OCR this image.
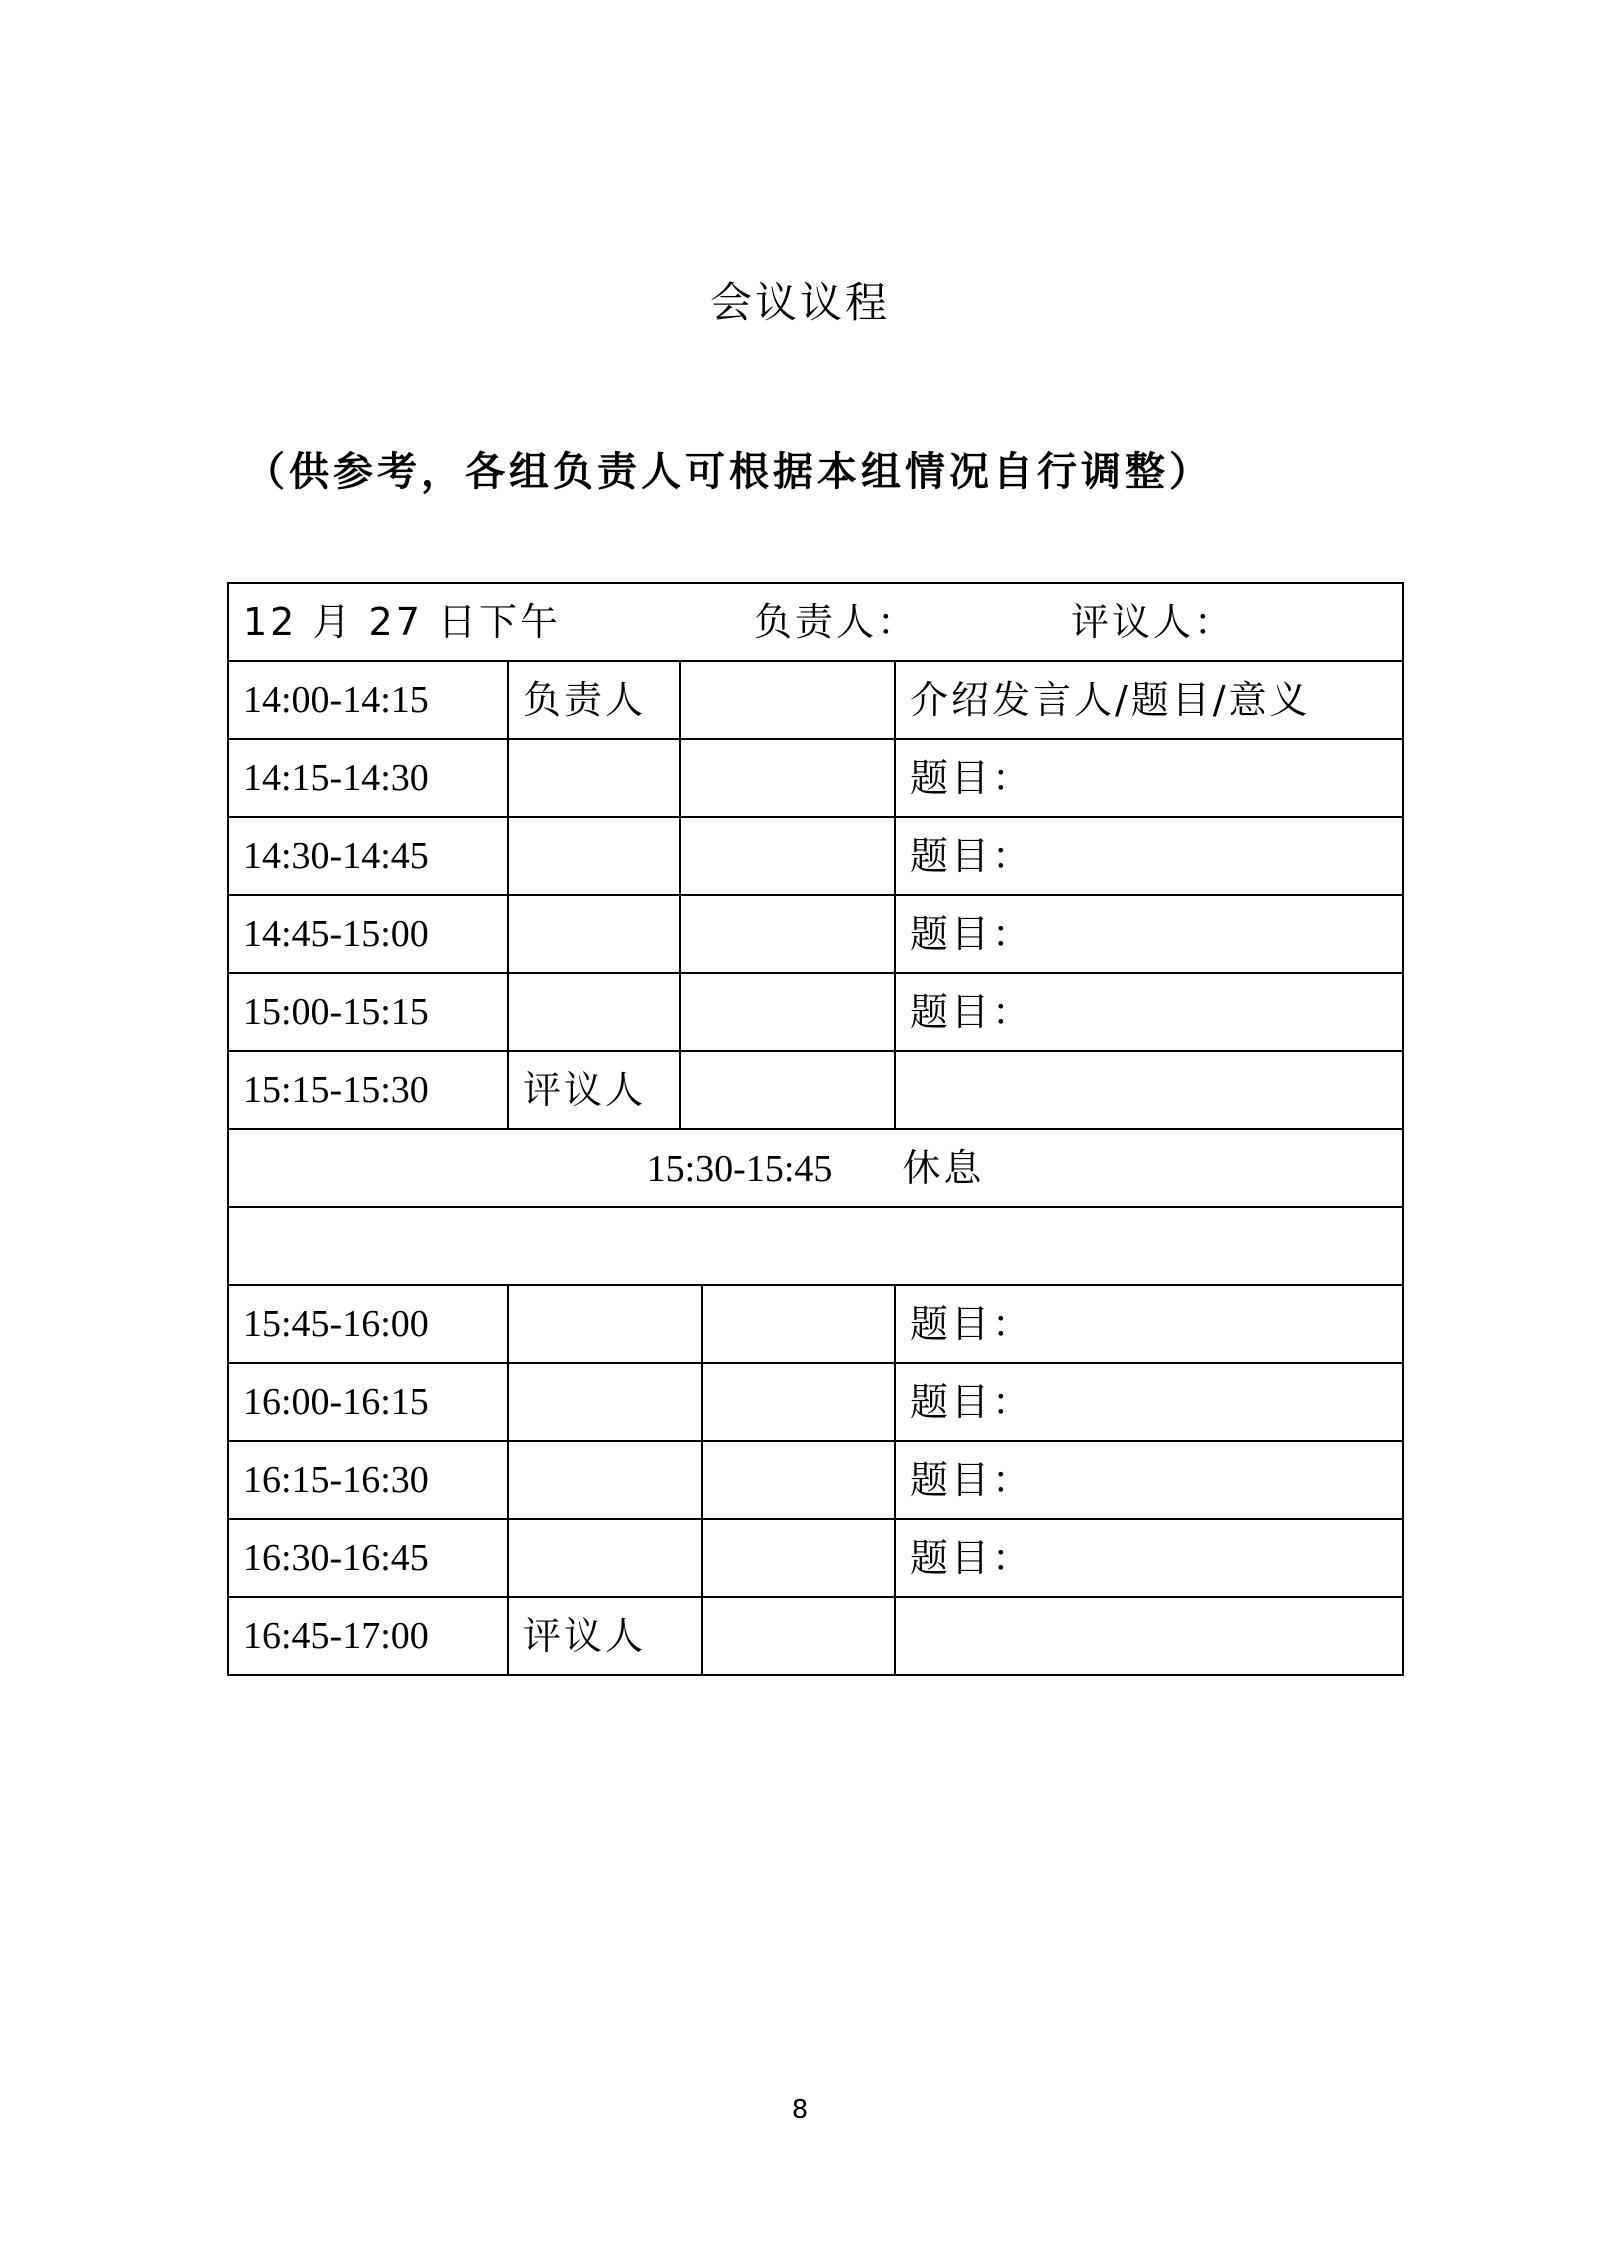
会议议程
（供参考，各组负责人可根据本组情况自行调整）
12 月 27 日下午 负责人： 评议人：				

14:00-14:15	负责人			介绍发言人/题目/意义
14:15-14:30				题目：
14:30-14:45				题目：
14:45-15:00				题目：
15:00-15:15				题目：
15:15-15:30	评议人			
15:30-15:45 休息				

15:45-16:00				题目：
16:00-16:15				题目：
16:15-16:30				题目：
16:30-16:45				题目：
16:45-17:00	评议人			
8
